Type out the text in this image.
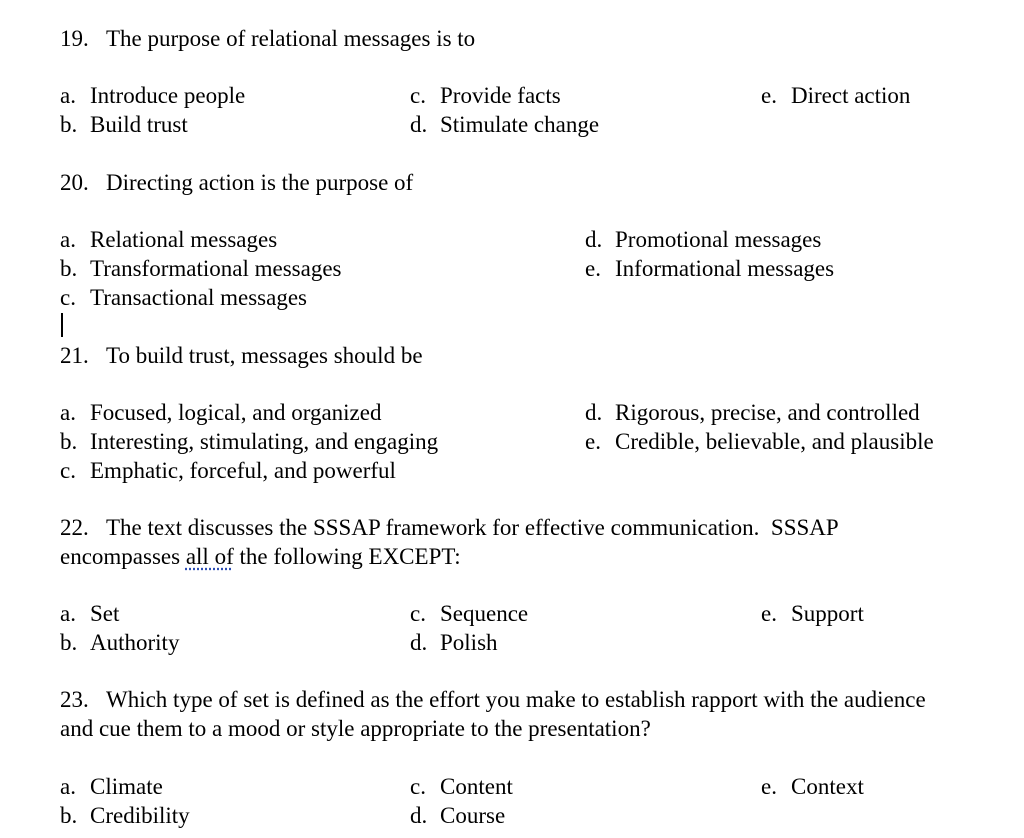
19. The purpose of relational messages is to
a. Introduce people
b. Build trust
c. Provide facts
d. Stimulate change
e. Direct action
20. Directing action is the purpose of
a. Relational messages
b. Transformational messages
c. Transactional messages
d. Promotional messages
e. Informational messages
21. To build trust, messages should be
a. Focused, logical, and organized
b. Interesting, stimulating, and engaging
c. Emphatic, forceful, and powerful
d. Rigorous, precise, and controlled
e. Credible, believable, and plausible
22. The text discusses the SSSAP framework for effective communication.  SSSAP
encompasses all of the following EXCEPT:
a. Set
b. Authority
c. Sequence
d. Polish
e. Support
23. Which type of set is defined as the effort you make to establish rapport with the audience
and cue them to a mood or style appropriate to the presentation?
a. Climate
b. Credibility
c. Content
d. Course
e. Context
